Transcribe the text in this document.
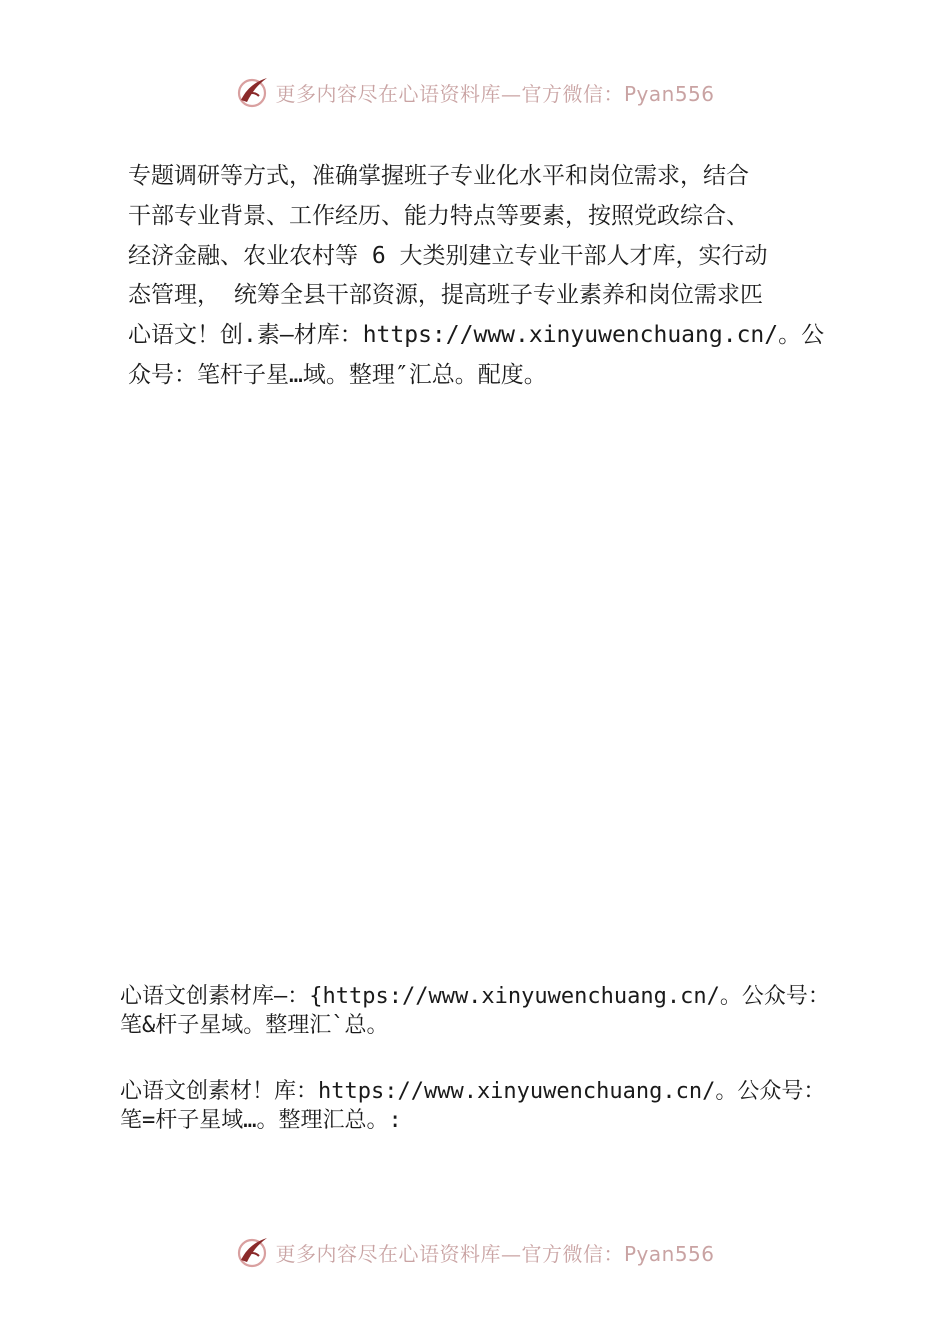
更多内容尽在心语资料库—官方微信：Pyan556

专题调研等方式，准确掌握班子专业化水平和岗位需求，结合
干部专业背景、工作经历、能力特点等要素，按照党政综合、
经济金融、农业农村等 6 大类别建立专业干部人才库，实行动
态管理， 统筹全县干部资源，提高班子专业素养和岗位需求匹
心语文！创.素—材库：https://www.xinyuwenchuang.cn/。公
众号：笔杆子星…域。整理″汇总。配度。

心语文创素材库—：{https://www.xinyuwenchuang.cn/。公众号：
笔&杆子星域。整理汇`总。

心语文创素材！库：https://www.xinyuwenchuang.cn/。公众号：
笔=杆子星域…。整理汇总。:

更多内容尽在心语资料库—官方微信：Pyan556
